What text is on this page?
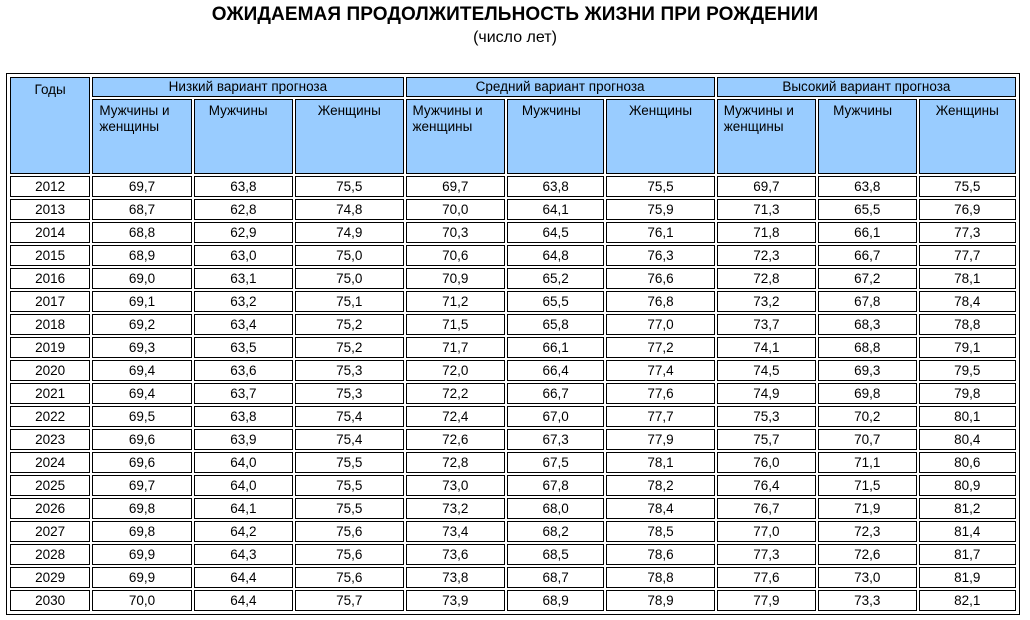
ОЖИДАЕМАЯ ПРОДОЛЖИТЕЛЬНОСТЬ ЖИЗНИ ПРИ РОЖДЕНИИ
(число лет)
Годы	Низкий вариант прогноза			Средний вариант прогноза			Высокий вариант прогноза		
	Мужчины и женщины	Мужчины	Женщины	Мужчины и женщины	Мужчины	Женщины	Мужчины и женщины	Мужчины	Женщины
2012	69,7	63,8	75,5	69,7	63,8	75,5	69,7	63,8	75,5
2013	68,7	62,8	74,8	70,0	64,1	75,9	71,3	65,5	76,9
2014	68,8	62,9	74,9	70,3	64,5	76,1	71,8	66,1	77,3
2015	68,9	63,0	75,0	70,6	64,8	76,3	72,3	66,7	77,7
2016	69,0	63,1	75,0	70,9	65,2	76,6	72,8	67,2	78,1
2017	69,1	63,2	75,1	71,2	65,5	76,8	73,2	67,8	78,4
2018	69,2	63,4	75,2	71,5	65,8	77,0	73,7	68,3	78,8
2019	69,3	63,5	75,2	71,7	66,1	77,2	74,1	68,8	79,1
2020	69,4	63,6	75,3	72,0	66,4	77,4	74,5	69,3	79,5
2021	69,4	63,7	75,3	72,2	66,7	77,6	74,9	69,8	79,8
2022	69,5	63,8	75,4	72,4	67,0	77,7	75,3	70,2	80,1
2023	69,6	63,9	75,4	72,6	67,3	77,9	75,7	70,7	80,4
2024	69,6	64,0	75,5	72,8	67,5	78,1	76,0	71,1	80,6
2025	69,7	64,0	75,5	73,0	67,8	78,2	76,4	71,5	80,9
2026	69,8	64,1	75,5	73,2	68,0	78,4	76,7	71,9	81,2
2027	69,8	64,2	75,6	73,4	68,2	78,5	77,0	72,3	81,4
2028	69,9	64,3	75,6	73,6	68,5	78,6	77,3	72,6	81,7
2029	69,9	64,4	75,6	73,8	68,7	78,8	77,6	73,0	81,9
2030	70,0	64,4	75,7	73,9	68,9	78,9	77,9	73,3	82,1
